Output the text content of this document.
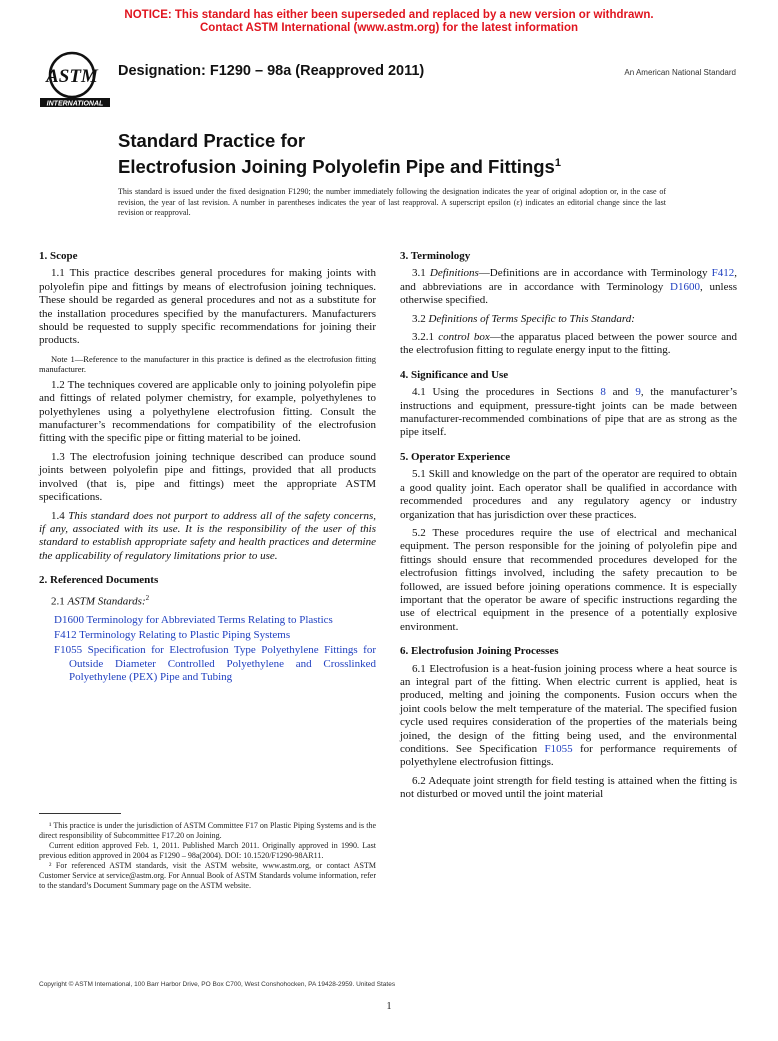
NOTICE: This standard has either been superseded and replaced by a new version or withdrawn.
Contact ASTM International (www.astm.org) for the latest information
ASTM
INTERNATIONAL
Designation: F1290 – 98a (Reapproved 2011)	An American National Standard
Standard Practice for
Electrofusion Joining Polyolefin Pipe and Fittings$^1$
This standard is issued under the fixed designation F1290; the number immediately following the designation indicates the year of original adoption or, in the case of revision, the year of last revision. A number in parentheses indicates the year of last reapproval. A superscript epsilon (ε) indicates an editorial change since the last revision or reapproval.
1. Scope

1.1 This practice describes general procedures for making joints with polyolefin pipe and fittings by means of electrofusion joining techniques. These should be regarded as general procedures and not as a substitute for the installation procedures specified by the manufacturers. Manufacturers should be requested to supply specific recommendations for joining their products.

Note 1—Reference to the manufacturer in this practice is defined as the electrofusion fitting manufacturer.

1.2 The techniques covered are applicable only to joining polyolefin pipe and fittings of related polymer chemistry, for example, polyethylenes to polyethylenes using a polyethylene electrofusion fitting. Consult the manufacturer’s recommendations for compatibility of the electrofusion fitting with the specific pipe or fitting material to be joined.

1.3 The electrofusion joining technique described can produce sound joints between polyolefin pipe and fittings, provided that all products involved (that is, pipe and fittings) meet the appropriate ASTM specifications.

1.4 This standard does not purport to address all of the safety concerns, if any, associated with its use. It is the responsibility of the user of this standard to establish appropriate safety and health practices and determine the applicability of regulatory limitations prior to use.

2. Referenced Documents

2.1 ASTM Standards:$^2$

D1600 Terminology for Abbreviated Terms Relating to Plastics
F412 Terminology Relating to Plastic Piping Systems
F1055 Specification for Electrofusion Type Polyethylene Fittings for Outside Diameter Controlled Polyethylene and Crosslinked Polyethylene (PEX) Pipe and Tubing

¹ This practice is under the jurisdiction of ASTM Committee F17 on Plastic Piping Systems and is the direct responsibility of Subcommittee F17.20 on Joining.

Current edition approved Feb. 1, 2011. Published March 2011. Originally approved in 1990. Last previous edition approved in 2004 as F1290 – 98a(2004). DOI: 10.1520/F1290-98AR11.

² For referenced ASTM standards, visit the ASTM website, www.astm.org, or contact ASTM Customer Service at service@astm.org. For Annual Book of ASTM Standards volume information, refer to the standard’s Document Summary page on the ASTM website.

3. Terminology

3.1 Definitions—Definitions are in accordance with Terminology F412, and abbreviations are in accordance with Terminology D1600, unless otherwise specified.

3.2 Definitions of Terms Specific to This Standard:

3.2.1 control box—the apparatus placed between the power source and the electrofusion fitting to regulate energy input to the fitting.

4. Significance and Use

4.1 Using the procedures in Sections 8 and 9, the manufacturer’s instructions and equipment, pressure-tight joints can be made between manufacturer-recommended combinations of pipe that are as strong as the pipe itself.

5. Operator Experience

5.1 Skill and knowledge on the part of the operator are required to obtain a good quality joint. Each operator shall be qualified in accordance with recommended procedures and any regulatory agency or industry organization that has jurisdiction over these practices.

5.2 These procedures require the use of electrical and mechanical equipment. The person responsible for the joining of polyolefin pipe and fittings should ensure that recommended procedures developed for the electrofusion fittings involved, including the safety precaution to be followed, are issued before joining operations commence. It is especially important that the operator be aware of specific instructions regarding the use of electrical equipment in the presence of a potentially explosive environment.

6. Electrofusion Joining Processes

6.1 Electrofusion is a heat-fusion joining process where a heat source is an integral part of the fitting. When electric current is applied, heat is produced, melting and joining the components. Fusion occurs when the joint cools below the melt temperature of the material. The specified fusion cycle used requires consideration of the properties of the materials being joined, the design of the fitting being used, and the environmental conditions. See Specification F1055 for performance requirements of polyethylene electrofusion fittings.

6.2 Adequate joint strength for field testing is attained when the fitting is not disturbed or moved until the joint material

Copyright © ASTM International, 100 Barr Harbor Drive, PO Box C700, West Conshohocken, PA 19428-2959. United States
1
